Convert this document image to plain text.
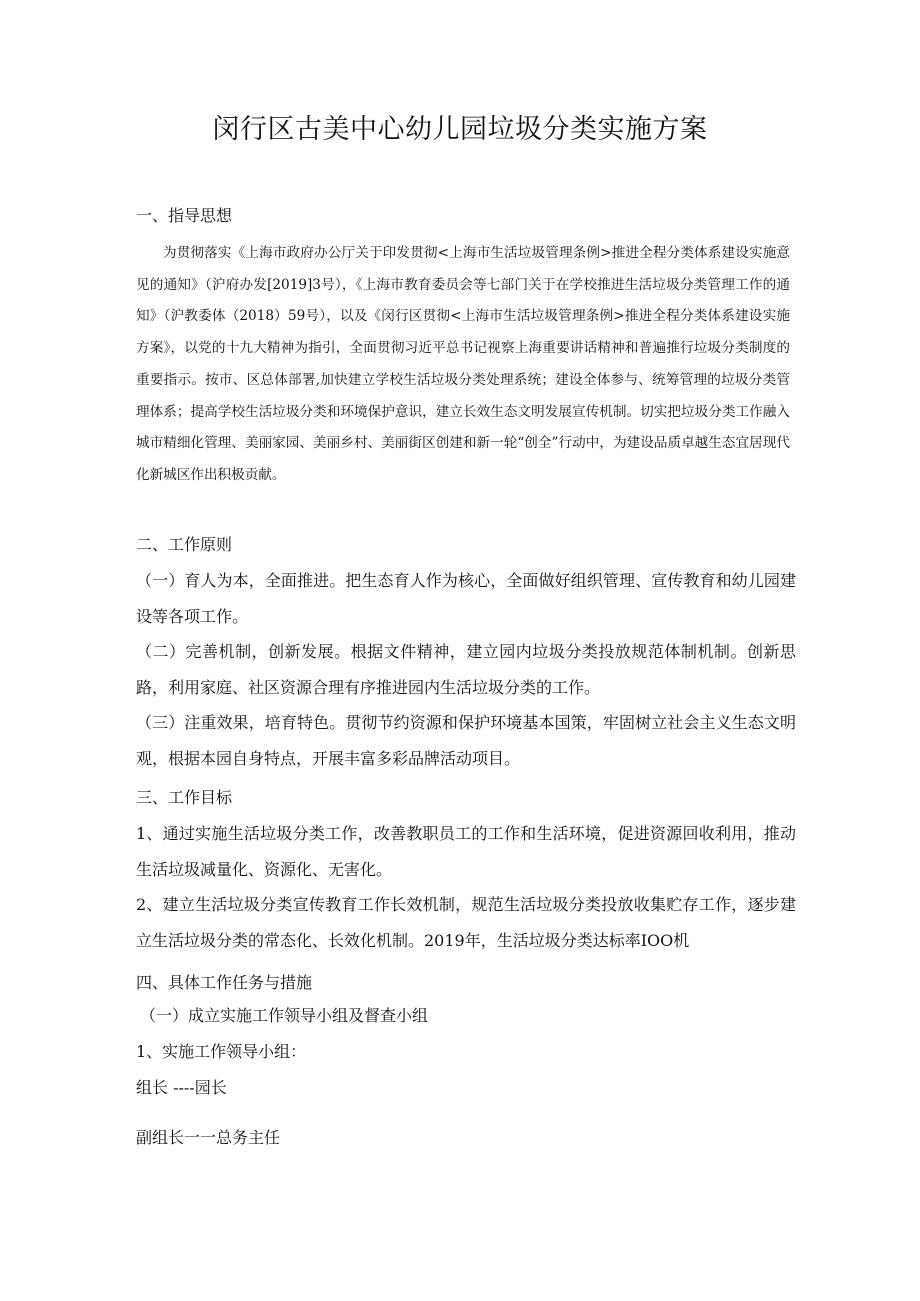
闵行区古美中心幼儿园垃圾分类实施方案

一、指导思想

为贯彻落实《上海市政府办公厅关于印发贯彻<上海市生活垃圾管理条例>推进全程分类体系建设实施意见的通知》（沪府办发[2019]3号），《上海市教育委员会等七部门关于在学校推进生活垃圾分类管理工作的通知》（沪教委体（2018）59号），以及《闵行区贯彻<上海市生活垃圾管理条例>推进全程分类体系建设实施方案》，以党的十九大精神为指引，全面贯彻习近平总书记视察上海重要讲话精神和普遍推行垃圾分类制度的重要指示。按市、区总体部署,加快建立学校生活垃圾分类处理系统；建设全体参与、统筹管理的垃圾分类管理体系；提高学校生活垃圾分类和环境保护意识，建立长效生态文明发展宣传机制。切实把垃圾分类工作融入城市精细化管理、美丽家园、美丽乡村、美丽街区创建和新一轮“创全”行动中，为建设品质卓越生态宜居现代化新城区作出积极贡献。

二、工作原则

（一）育人为本，全面推进。把生态育人作为核心，全面做好组织管理、宣传教育和幼儿园建设等各项工作。

（二）完善机制，创新发展。根据文件精神，建立园内垃圾分类投放规范体制机制。创新思路，利用家庭、社区资源合理有序推进园内生活垃圾分类的工作。

（三）注重效果，培育特色。贯彻节约资源和保护环境基本国策，牢固树立社会主义生态文明观，根据本园自身特点，开展丰富多彩品牌活动项目。

三、工作目标

1、通过实施生活垃圾分类工作，改善教职员工的工作和生活环境，促进资源回收利用，推动生活垃圾减量化、资源化、无害化。

2、建立生活垃圾分类宣传教育工作长效机制，规范生活垃圾分类投放收集贮存工作，逐步建立生活垃圾分类的常态化、长效化机制。2019年，生活垃圾分类达标率IOO机

四、具体工作任务与措施

（一）成立实施工作领导小组及督查小组

1、实施工作领导小组：

组长 ----园长

副组长一一总务主任
